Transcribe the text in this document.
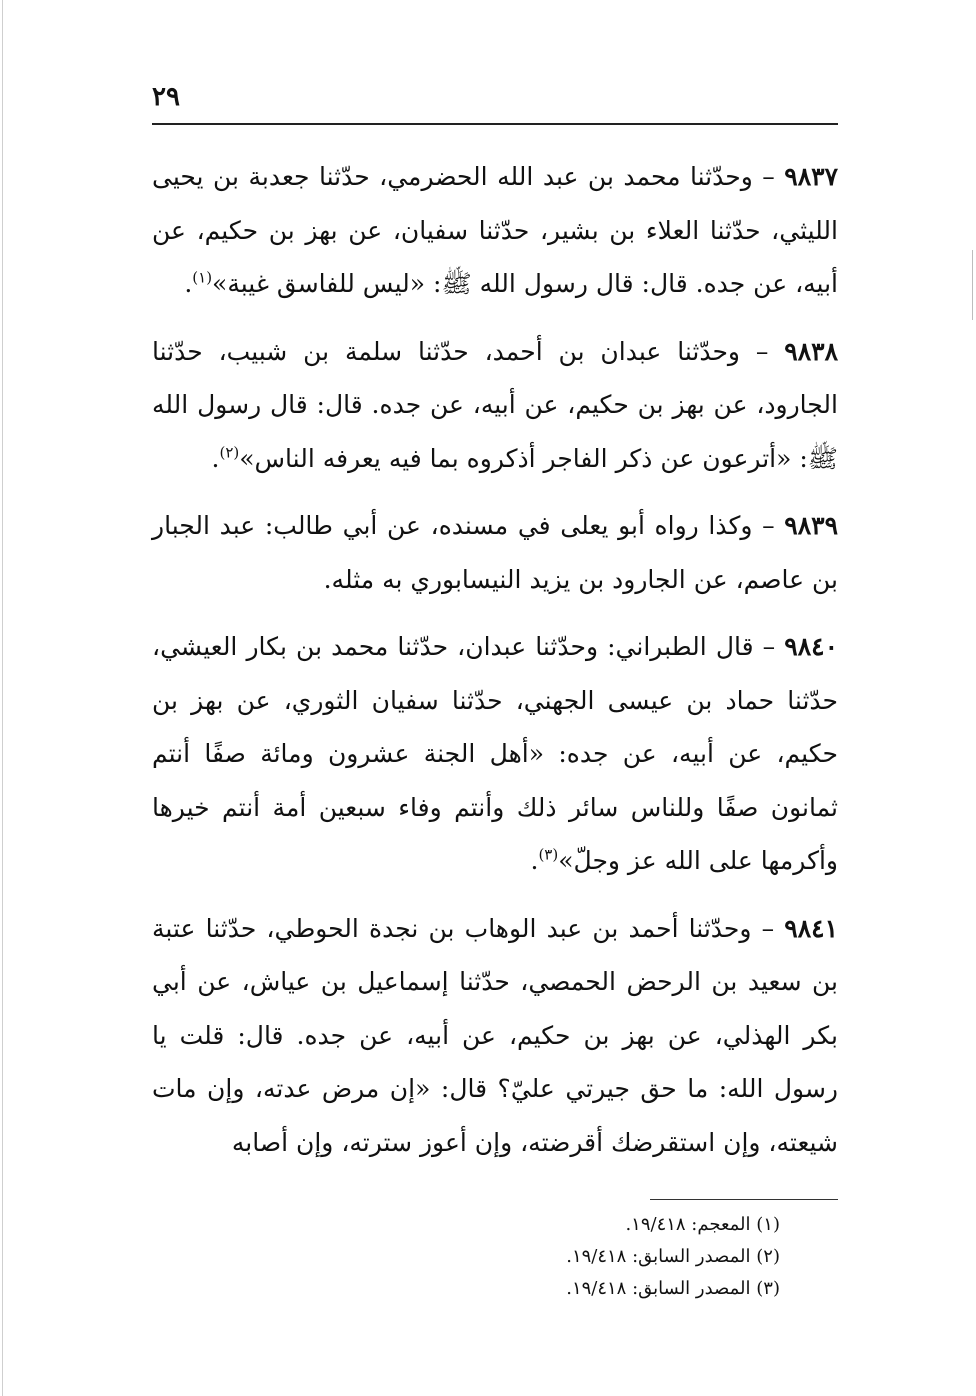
٢٩

٩٨٣٧ – وحدّثنا محمد بن عبد الله الحضرمي، حدّثنا جعدبة بن يحيى الليثي، حدّثنا العلاء بن بشير، حدّثنا سفيان، عن بهز بن حكيم، عن أبيه، عن جده. قال: قال رسول الله ﷺ: «ليس للفاسق غيبة»$^{(١)}$.

٩٨٣٨ – وحدّثنا عبدان بن أحمد، حدّثنا سلمة بن شبيب، حدّثنا الجارود، عن بهز بن حكيم، عن أبيه، عن جده. قال: قال رسول الله ﷺ: «أترعون عن ذكر الفاجر أذكروه بما فيه يعرفه الناس»$^{(٢)}$.

٩٨٣٩ – وكذا رواه أبو يعلى في مسنده، عن أبي طالب: عبد الجبار بن عاصم، عن الجارود بن يزيد النيسابوري به مثله.

٩٨٤٠ – قال الطبراني: وحدّثنا عبدان، حدّثنا محمد بن بكار العيشي، حدّثنا حماد بن عيسى الجهني، حدّثنا سفيان الثوري، عن بهز بن حكيم، عن أبيه، عن جده: «أهل الجنة عشرون ومائة صفًا أنتم ثمانون صفًا وللناس سائر ذلك وأنتم وفاء سبعين أمة أنتم خيرها وأكرمها على الله عز وجلّ»$^{(٣)}$.

٩٨٤١ – وحدّثنا أحمد بن عبد الوهاب بن نجدة الحوطي، حدّثنا عتبة بن سعيد بن الرحض الحمصي، حدّثنا إسماعيل بن عياش، عن أبي بكر الهذلي، عن بهز بن حكيم، عن أبيه، عن جده. قال: قلت يا رسول الله: ما حق جيرتي عليّ؟ قال: «إن مرض عدته، وإن مات شيعته، وإن استقرضك أقرضته، وإن أعوز سترته، وإن أصابه

(١) المعجم: ١٩/٤١٨.
(٢) المصدر السابق: ١٩/٤١٨.
(٣) المصدر السابق: ١٩/٤١٨.
